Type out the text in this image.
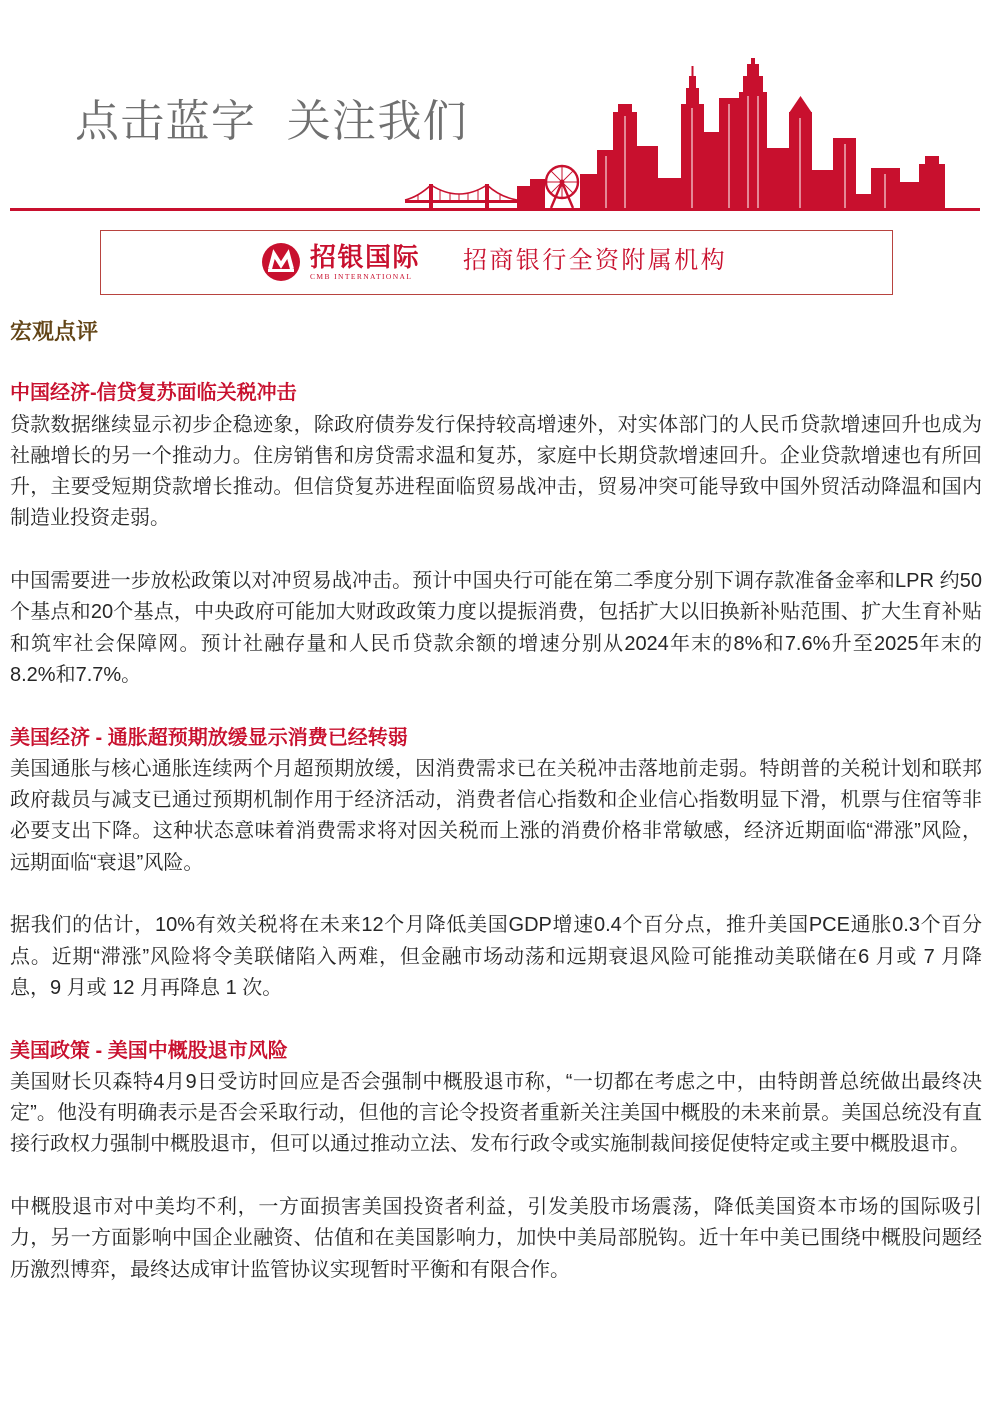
点击蓝字 关注我们
招银国际
CMB INTERNATIONAL
招商银行全资附属机构
宏观点评
中国经济-信贷复苏面临关税冲击
贷款数据继续显示初步企稳迹象，除政府债券发行保持较高增速外，对实体部门的人民币贷款增速回升也成为
社融增长的另一个推动力。住房销售和房贷需求温和复苏，家庭中长期贷款增速回升。企业贷款增速也有所回
升，主要受短期贷款增长推动。但信贷复苏进程面临贸易战冲击，贸易冲突可能导致中国外贸活动降温和国内
制造业投资走弱。
中国需要进一步放松政策以对冲贸易战冲击。预计中国央行可能在第二季度分别下调存款准备金率和LPR 约50
个基点和20个基点，中央政府可能加大财政政策力度以提振消费，包括扩大以旧换新补贴范围、扩大生育补贴
和筑牢社会保障网。预计社融存量和人民币贷款余额的增速分别从2024年末的8%和7.6%升至2025年末的
8.2%和7.7%。
美国经济 - 通胀超预期放缓显示消费已经转弱
美国通胀与核心通胀连续两个月超预期放缓，因消费需求已在关税冲击落地前走弱。特朗普的关税计划和联邦
政府裁员与减支已通过预期机制作用于经济活动，消费者信心指数和企业信心指数明显下滑，机票与住宿等非
必要支出下降。这种状态意味着消费需求将对因关税而上涨的消费价格非常敏感，经济近期面临“滞涨”风险，
远期面临“衰退”风险。
据我们的估计，10%有效关税将在未来12个月降低美国GDP增速0.4个百分点，推升美国PCE通胀0.3个百分
点。近期“滞涨”风险将令美联储陷入两难，但金融市场动荡和远期衰退风险可能推动美联储在6 月或 7 月降
息，9 月或 12 月再降息 1 次。
美国政策 - 美国中概股退市风险
美国财长贝森特4月9日受访时回应是否会强制中概股退市称，“一切都在考虑之中，由特朗普总统做出最终决
定”。他没有明确表示是否会采取行动，但他的言论令投资者重新关注美国中概股的未来前景。美国总统没有直
接行政权力强制中概股退市，但可以通过推动立法、发布行政令或实施制裁间接促使特定或主要中概股退市。
中概股退市对中美均不利，一方面损害美国投资者利益，引发美股市场震荡，降低美国资本市场的国际吸引
力，另一方面影响中国企业融资、估值和在美国影响力，加快中美局部脱钩。近十年中美已围绕中概股问题经
历激烈博弈，最终达成审计监管协议实现暂时平衡和有限合作。
